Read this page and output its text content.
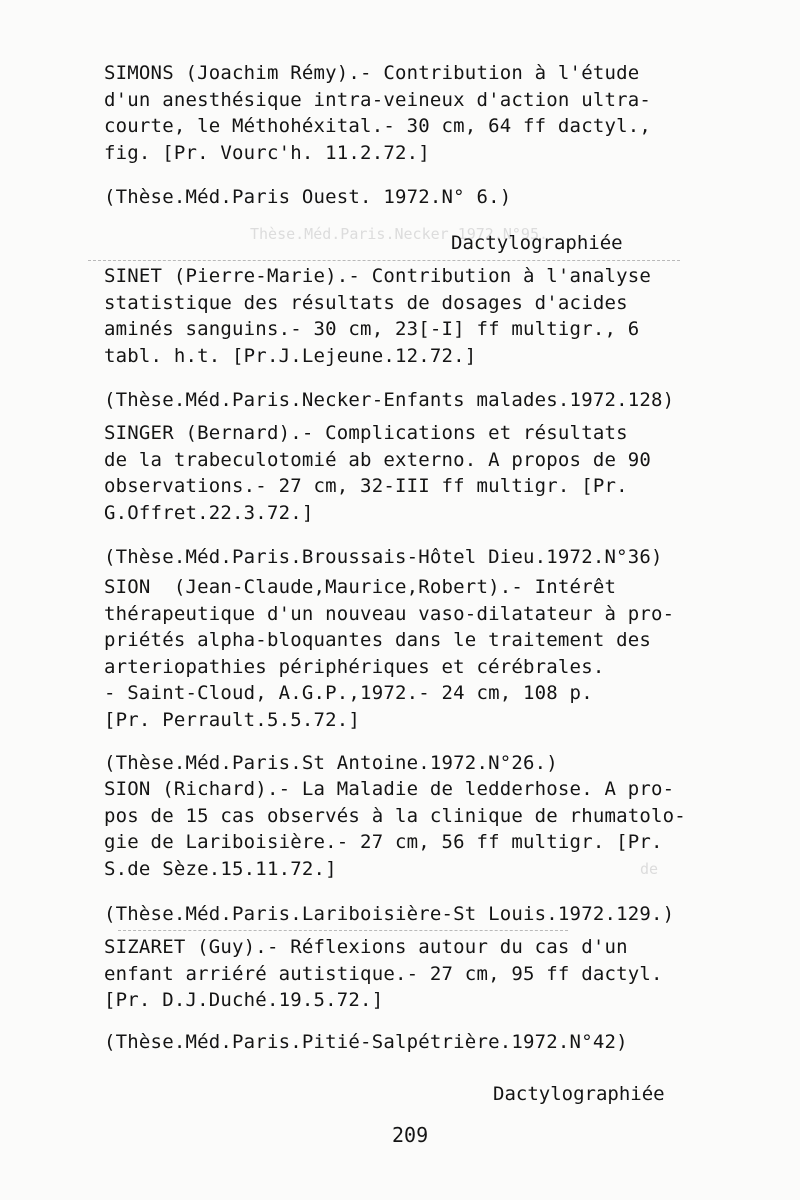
Thèse.Méd.Paris.Necker.1972.N°95.
de
SIMONS (Joachim Rémy).- Contribution à l'étude
d'un anesthésique intra-veineux d'action ultra-
courte, le Méthohéxital.- 30 cm, 64 ff dactyl.,
fig. [Pr. Vourc'h. 11.2.72.]
(Thèse.Méd.Paris Ouest. 1972.N° 6.)
Dactylographiée
SINET (Pierre-Marie).- Contribution à l'analyse
statistique des résultats de dosages d'acides
aminés sanguins.- 30 cm, 23[-I] ff multigr., 6
tabl. h.t. [Pr.J.Lejeune.12.72.]
(Thèse.Méd.Paris.Necker-Enfants malades.1972.128)
SINGER (Bernard).- Complications et résultats
de la trabeculotomié ab externo. A propos de 90
observations.- 27 cm, 32-III ff multigr. [Pr.
G.Offret.22.3.72.]
(Thèse.Méd.Paris.Broussais-Hôtel Dieu.1972.N°36)
SION  (Jean-Claude,Maurice,Robert).- Intérêt
thérapeutique d'un nouveau vaso-dilatateur à pro-
priétés alpha-bloquantes dans le traitement des
arteriopathies périphériques et cérébrales.
- Saint-Cloud, A.G.P.,1972.- 24 cm, 108 p.
[Pr. Perrault.5.5.72.]
(Thèse.Méd.Paris.St Antoine.1972.N°26.)
SION (Richard).- La Maladie de ledderhose. A pro-
pos de 15 cas observés à la clinique de rhumatolo-
gie de Lariboisière.- 27 cm, 56 ff multigr. [Pr.
S.de Sèze.15.11.72.]
(Thèse.Méd.Paris.Lariboisière-St Louis.1972.129.)
SIZARET (Guy).- Réflexions autour du cas d'un
enfant arriéré autistique.- 27 cm, 95 ff dactyl.
[Pr. D.J.Duché.19.5.72.]
(Thèse.Méd.Paris.Pitié-Salpétrière.1972.N°42)
Dactylographiée
209
